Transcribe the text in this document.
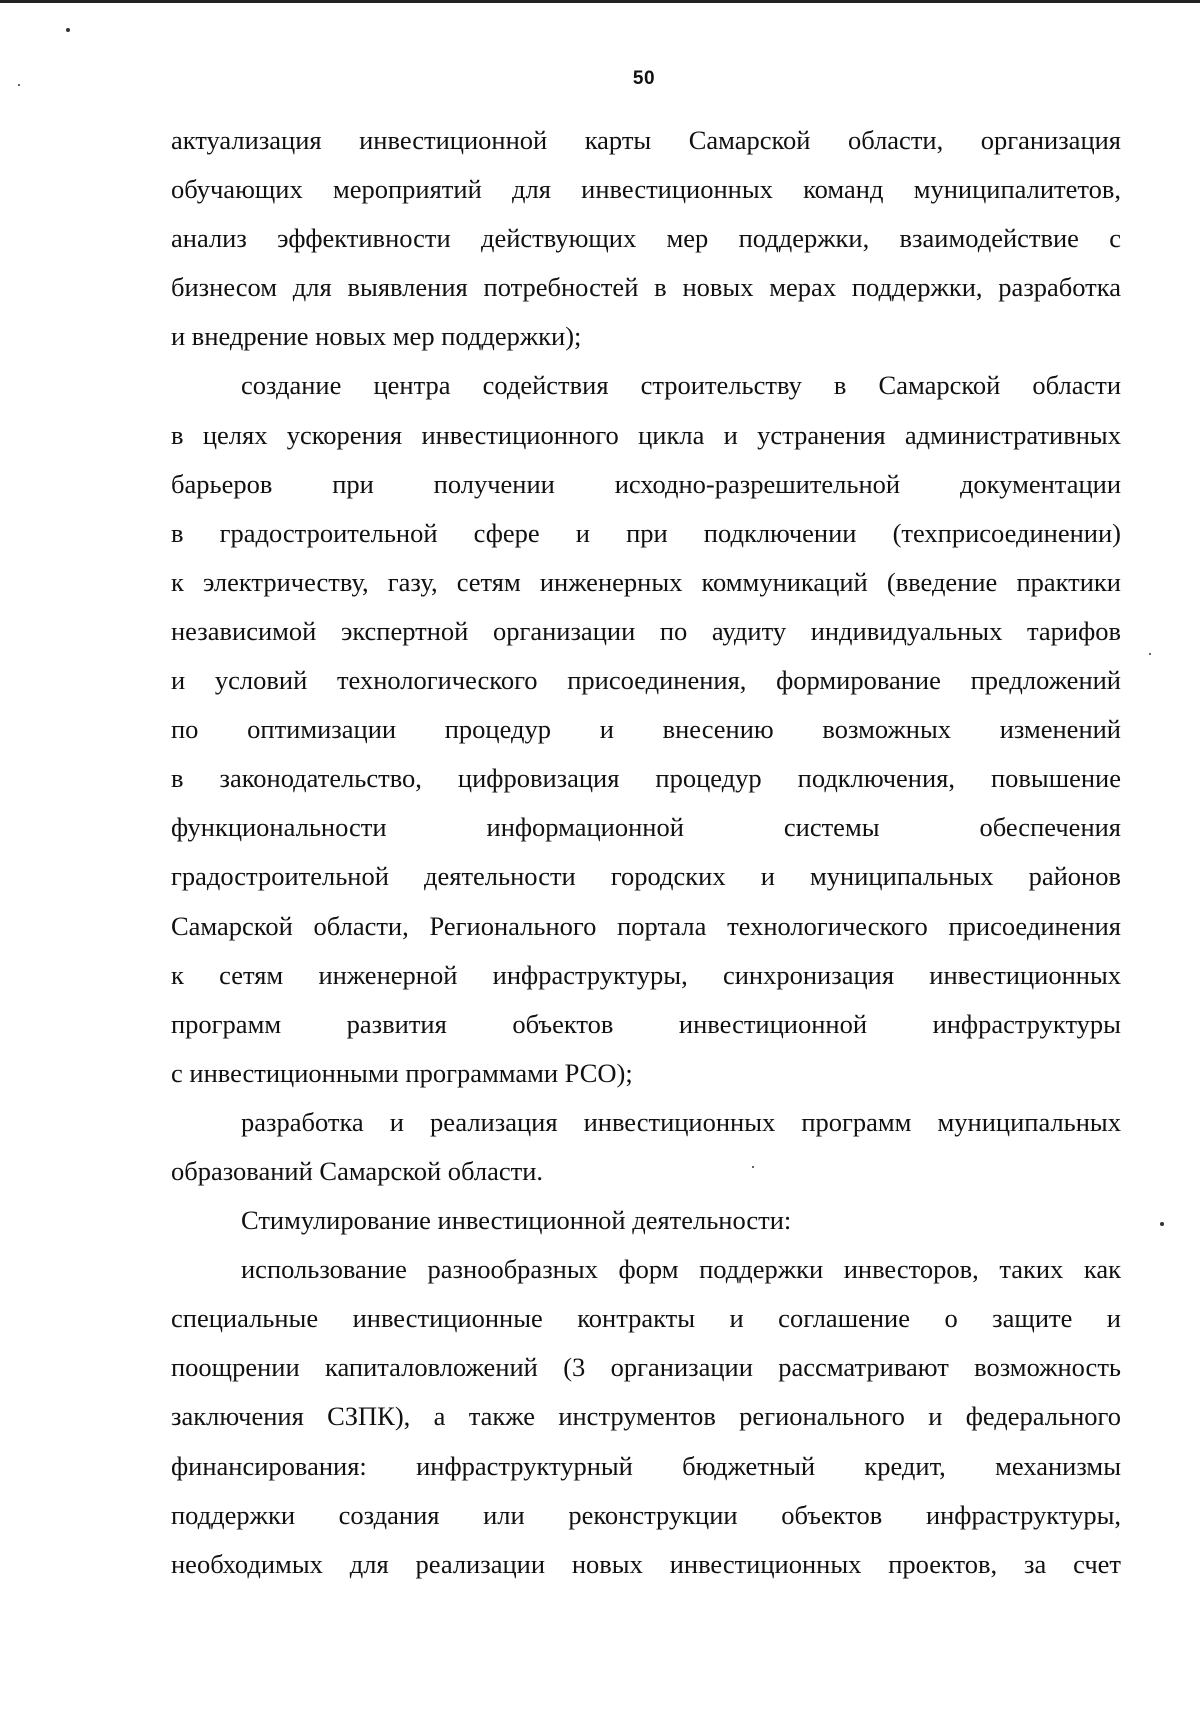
50

актуализация инвестиционной карты Самарской области, организация

обучающих мероприятий для инвестиционных команд муниципалитетов,

анализ эффективности действующих мер поддержки, взаимодействие с

бизнесом для выявления потребностей в новых мерах поддержки, разработка

и внедрение новых мер поддержки);

создание центра содействия строительству в Самарской области

в целях ускорения инвестиционного цикла и устранения административных

барьеров при получении исходно-разрешительной документации

в градостроительной сфере и при подключении (техприсоединении)

к электричеству, газу, сетям инженерных коммуникаций (введение практики

независимой экспертной организации по аудиту индивидуальных тарифов

и условий технологического присоединения, формирование предложений

по оптимизации процедур и внесению возможных изменений

в законодательство, цифровизация процедур подключения, повышение

функциональности информационной системы обеспечения

градостроительной деятельности городских и муниципальных районов

Самарской области, Регионального портала технологического присоединения

к сетям инженерной инфраструктуры, синхронизация инвестиционных

программ развития объектов инвестиционной инфраструктуры

с инвестиционными программами РСО);

разработка и реализация инвестиционных программ муниципальных

образований Самарской области.

Стимулирование инвестиционной деятельности:

использование разнообразных форм поддержки инвесторов, таких как

специальные инвестиционные контракты и соглашение о защите и

поощрении капиталовложений (3 организации рассматривают возможность

заключения СЗПК), а также инструментов регионального и федерального

финансирования: инфраструктурный бюджетный кредит, механизмы

поддержки создания или реконструкции объектов инфраструктуры,

необходимых для реализации новых инвестиционных проектов, за счет
